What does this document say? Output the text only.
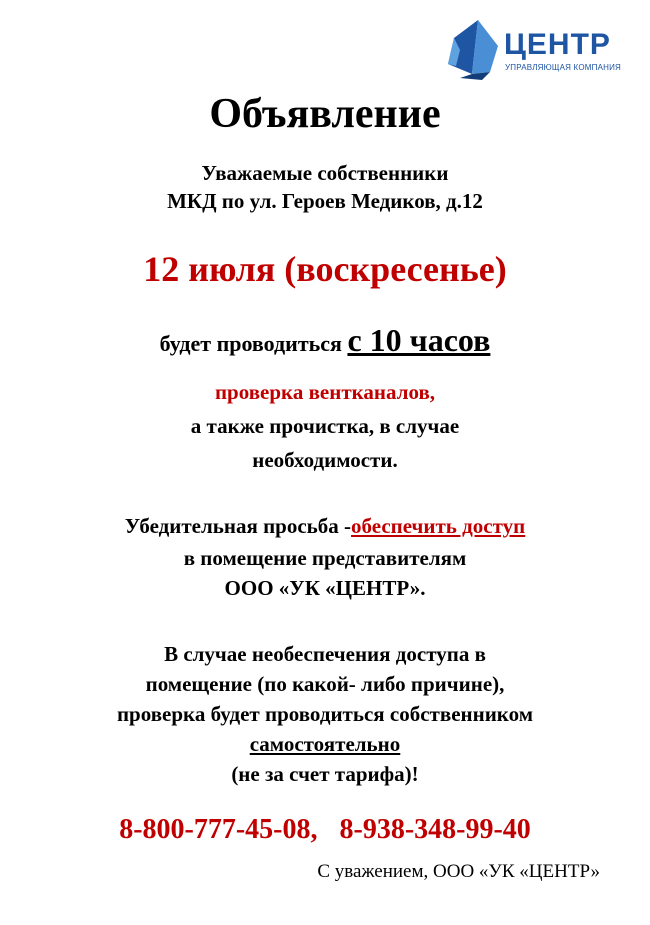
ЦЕНТР
УПРАВЛЯЮЩАЯ КОМПАНИЯ
Объявление
Уважаемые собственники
МКД по ул. Героев Медиков, д.12
12 июля (воскресенье)
будет проводиться с 10 часов
проверка вентканалов,
а также прочистка, в случае
необходимости.
Убедительная просьба -обеспечить доступ
в помещение представителям
ООО «УК «ЦЕНТР».
В случае необеспечения доступа в
помещение (по какой- либо причине),
проверка будет проводиться собственником
самостоятельно
(не за счет тарифа)!
8-800-777-45-08, 8-938-348-99-40
С уважением, ООО «УК «ЦЕНТР»
